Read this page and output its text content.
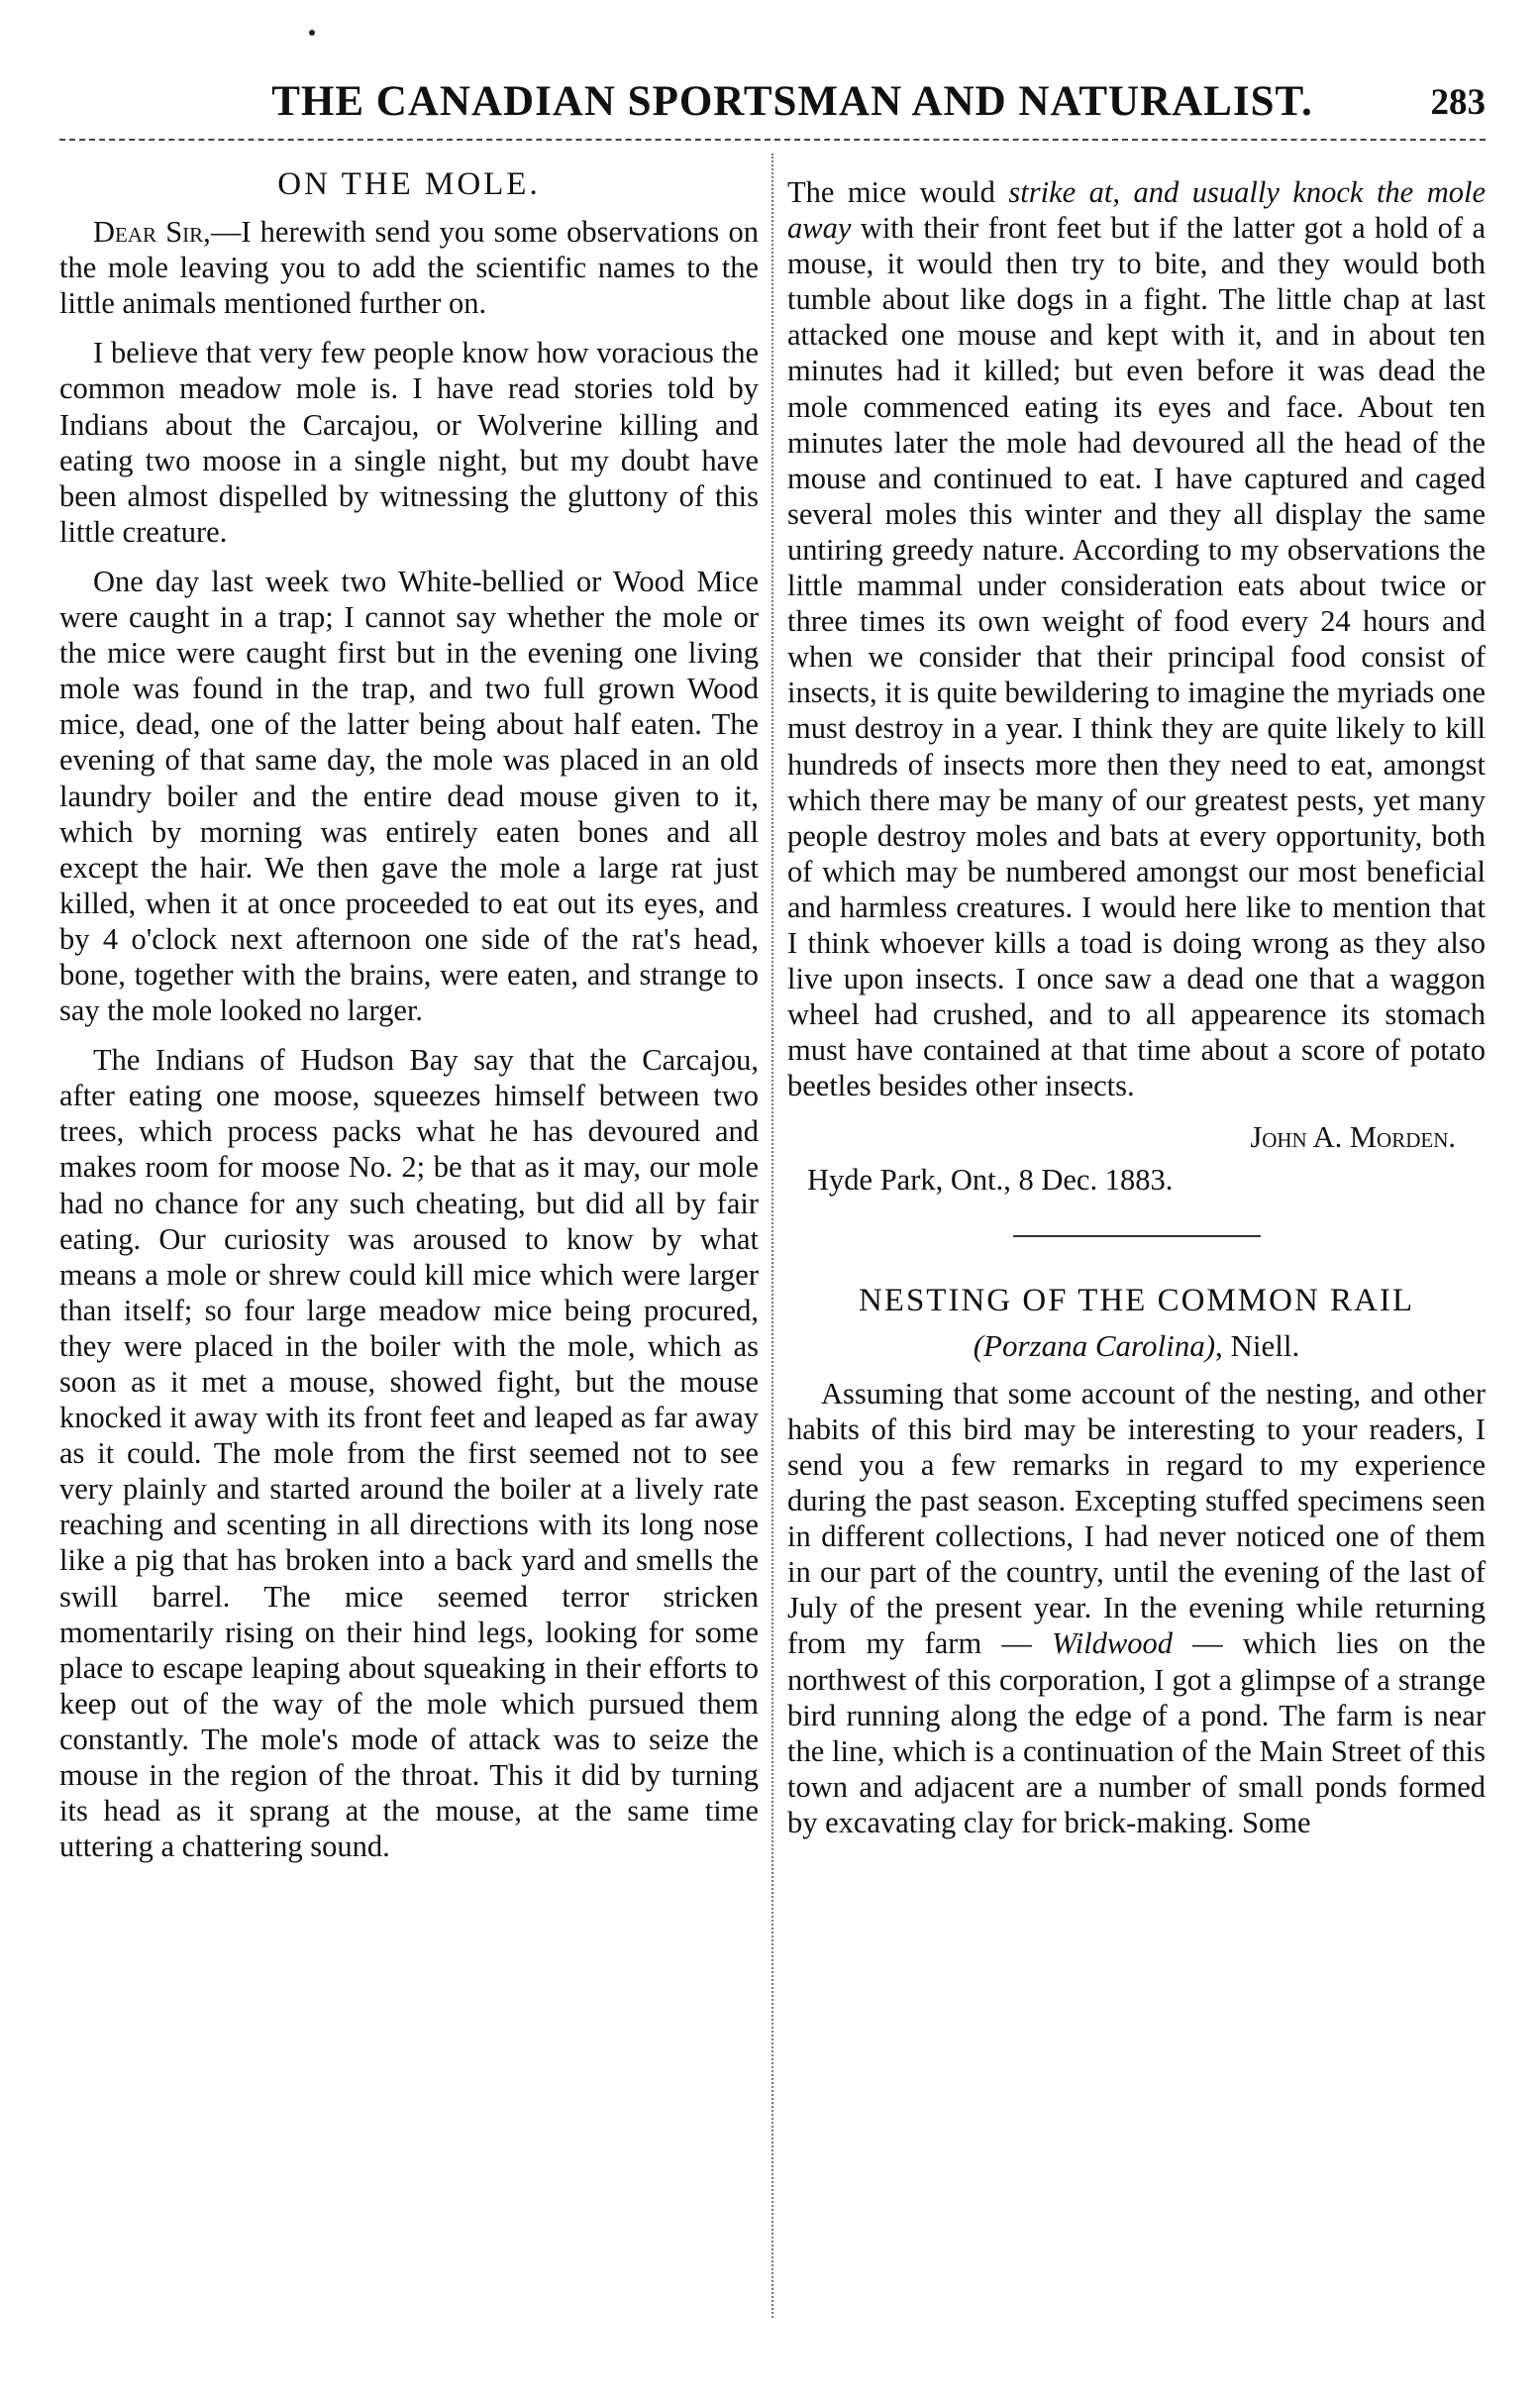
THE CANADIAN SPORTSMAN AND NATURALIST.	283
ON THE MOLE.

Dear Sir,—I herewith send you some observations on the mole leaving you to add the scientific names to the little animals mentioned further on.

I believe that very few people know how voracious the common meadow mole is. I have read stories told by Indians about the Carcajou, or Wolverine killing and eating two moose in a single night, but my doubt have been almost dispelled by witnessing the gluttony of this little creature.

One day last week two White-bellied or Wood Mice were caught in a trap; I cannot say whether the mole or the mice were caught first but in the evening one living mole was found in the trap, and two full grown Wood mice, dead, one of the latter being about half eaten. The evening of that same day, the mole was placed in an old laundry boiler and the entire dead mouse given to it, which by morning was entirely eaten bones and all except the hair. We then gave the mole a large rat just killed, when it at once proceeded to eat out its eyes, and by 4 o'clock next afternoon one side of the rat's head, bone, together with the brains, were eaten, and strange to say the mole looked no larger.

The Indians of Hudson Bay say that the Carcajou, after eating one moose, squeezes himself between two trees, which process packs what he has devoured and makes room for moose No. 2; be that as it may, our mole had no chance for any such cheating, but did all by fair eating. Our curiosity was aroused to know by what means a mole or shrew could kill mice which were larger than itself; so four large meadow mice being procured, they were placed in the boiler with the mole, which as soon as it met a mouse, showed fight, but the mouse knocked it away with its front feet and leaped as far away as it could. The mole from the first seemed not to see very plainly and started around the boiler at a lively rate reaching and scenting in all directions with its long nose like a pig that has broken into a back yard and smells the swill barrel. The mice seemed terror stricken momentarily rising on their hind legs, looking for some place to escape leaping about squeaking in their efforts to keep out of the way of the mole which pursued them constantly. The mole's mode of attack was to seize the mouse in the region of the throat. This it did by turning its head as it sprang at the mouse, at the same time uttering a chattering sound.

The mice would strike at, and usually knock the mole away with their front feet but if the latter got a hold of a mouse, it would then try to bite, and they would both tumble about like dogs in a fight. The little chap at last attacked one mouse and kept with it, and in about ten minutes had it killed; but even before it was dead the mole commenced eating its eyes and face. About ten minutes later the mole had devoured all the head of the mouse and continued to eat. I have captured and caged several moles this winter and they all display the same untiring greedy nature. According to my observations the little mammal under consideration eats about twice or three times its own weight of food every 24 hours and when we consider that their principal food consist of insects, it is quite bewildering to imagine the myriads one must destroy in a year. I think they are quite likely to kill hundreds of insects more then they need to eat, amongst which there may be many of our greatest pests, yet many people destroy moles and bats at every opportunity, both of which may be numbered amongst our most beneficial and harmless creatures. I would here like to mention that I think whoever kills a toad is doing wrong as they also live upon insects. I once saw a dead one that a waggon wheel had crushed, and to all appearence its stomach must have contained at that time about a score of potato beetles besides other insects.

John A. Morden.

Hyde Park, Ont., 8 Dec. 1883.

NESTING OF THE COMMON RAIL
(Porzana Carolina), Niell.

Assuming that some account of the nesting, and other habits of this bird may be interesting to your readers, I send you a few remarks in regard to my experience during the past season. Excepting stuffed specimens seen in different collections, I had never noticed one of them in our part of the country, until the evening of the last of July of the present year. In the evening while returning from my farm — Wildwood — which lies on the northwest of this corporation, I got a glimpse of a strange bird running along the edge of a pond. The farm is near the line, which is a continuation of the Main Street of this town and adjacent are a number of small ponds formed by excavating clay for brick-making. Some
